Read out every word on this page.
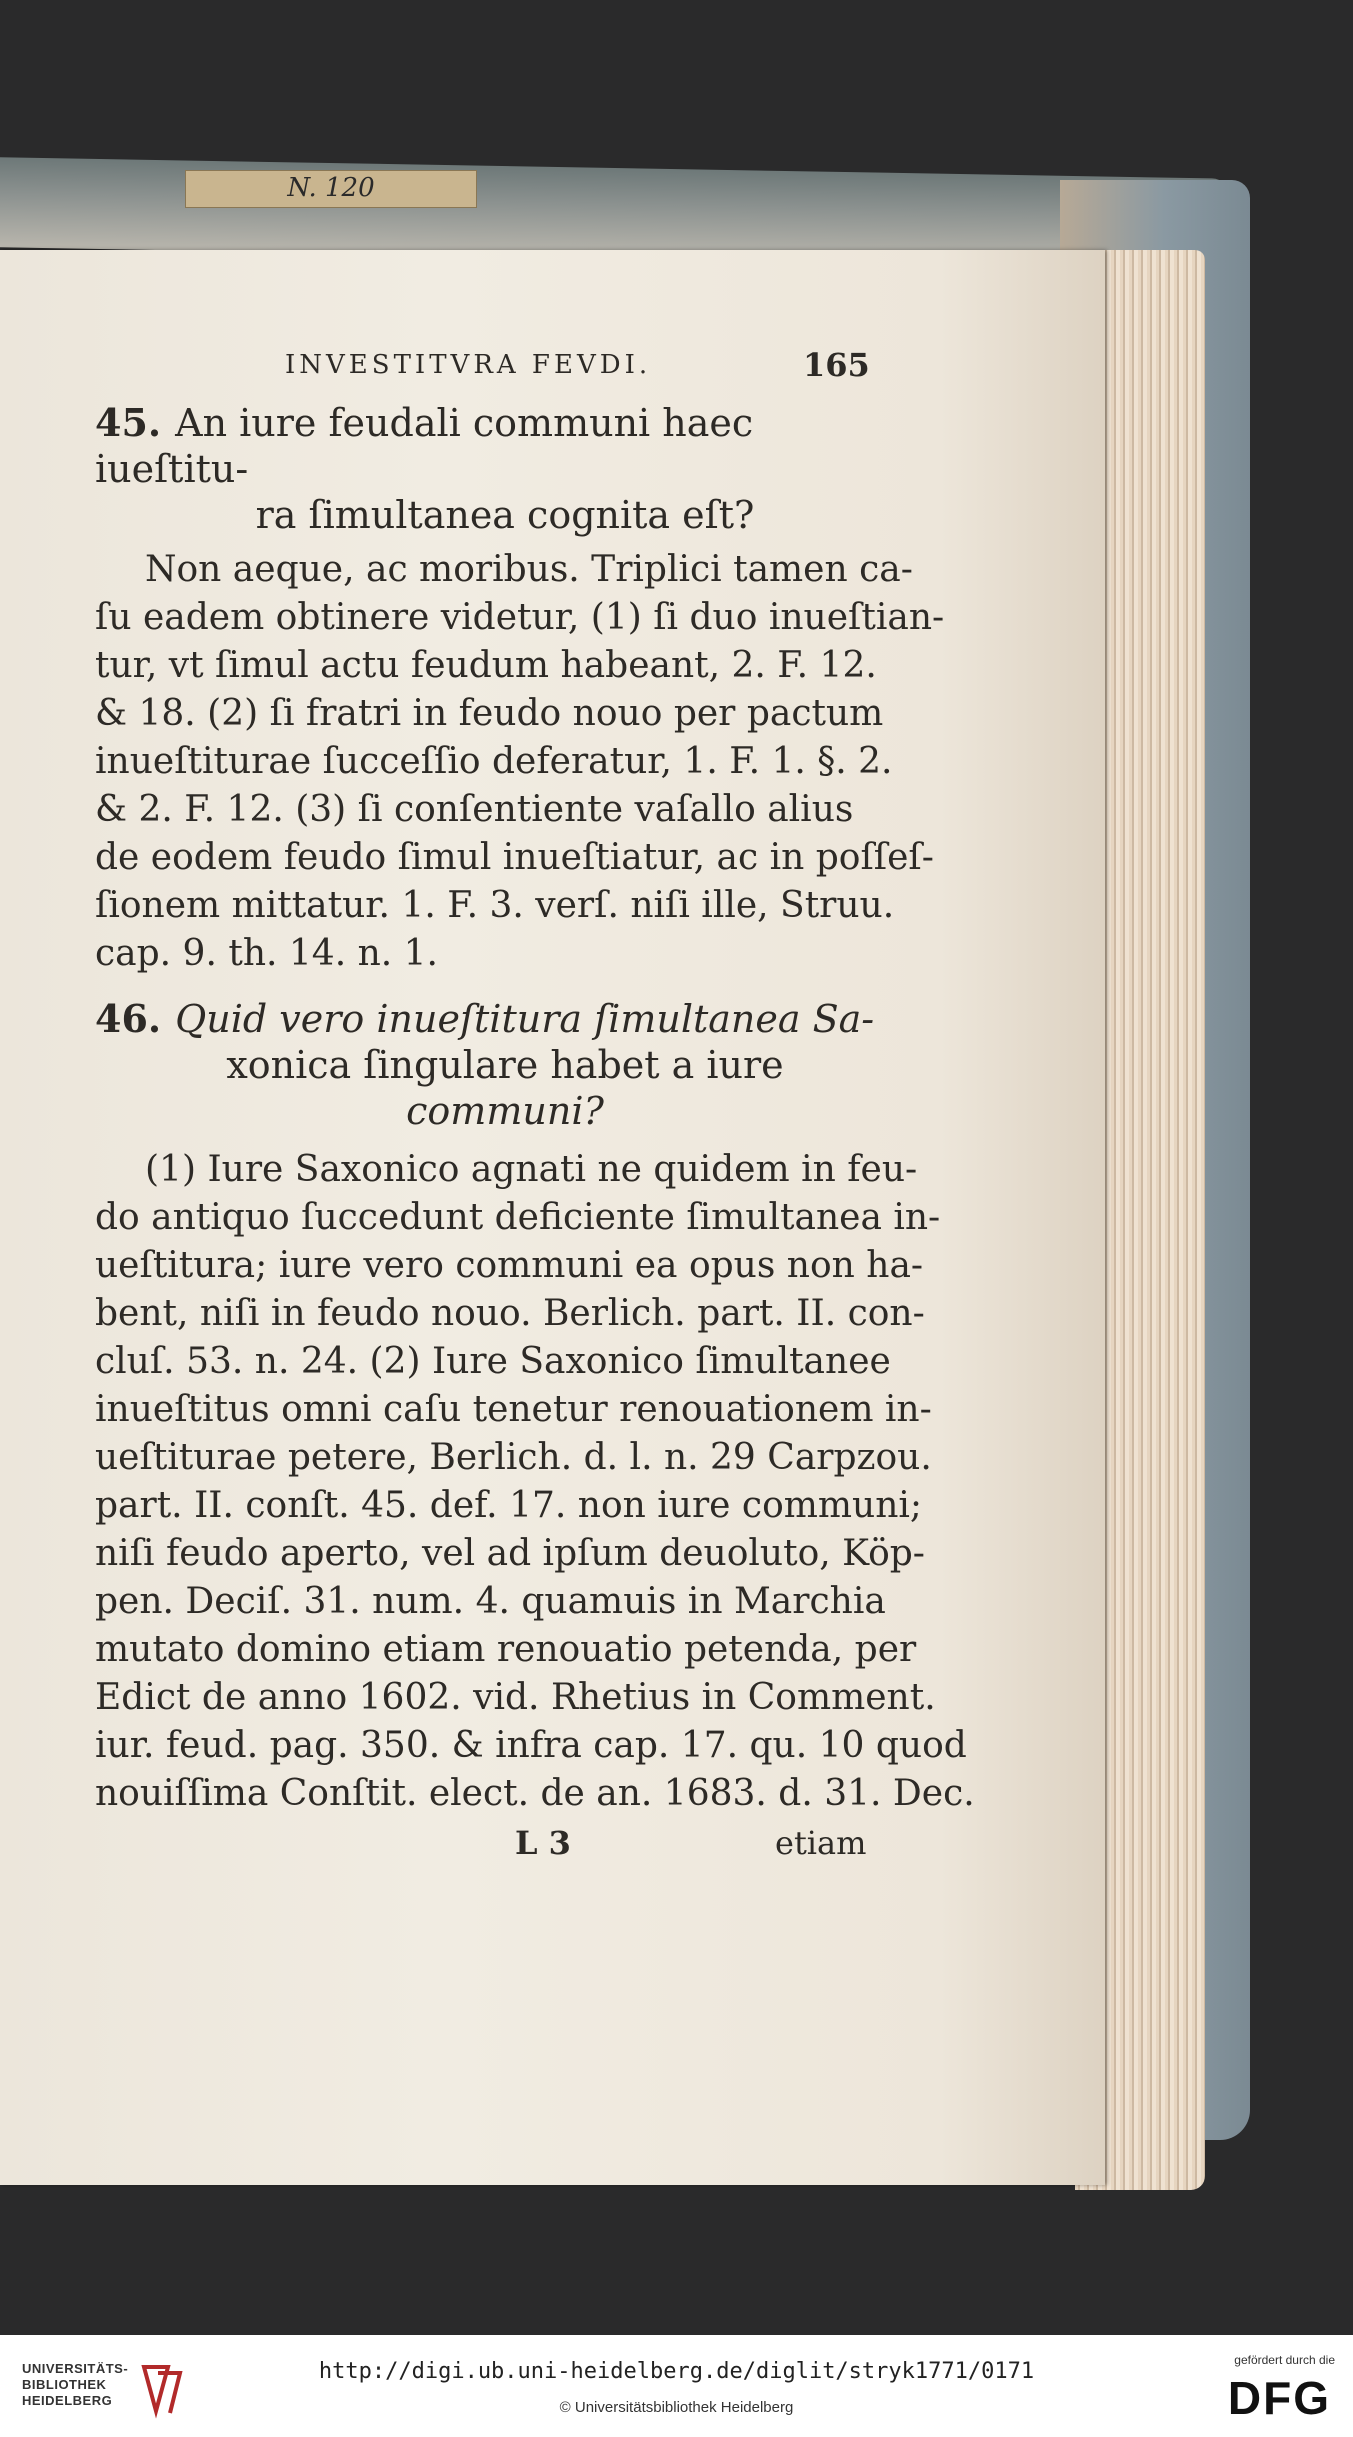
N. 120
INVESTITVRA FEVDI.	165
45. An iure feudali communi haec iueſtitu-
ra ſimultanea cognita eſt?

Non aeque, ac moribus. Triplici tamen ca-
ſu eadem obtinere videtur, (1) ſi duo inueſtian-
tur, vt ſimul actu feudum habeant, 2. F. 12.
& 18. (2) ſi fratri in feudo nouo per pactum
inueſtiturae ſucceſſio deferatur, 1. F. 1. §. 2.
& 2. F. 12. (3) ſi conſentiente vaſallo alius
de eodem feudo ſimul inueſtiatur, ac in poſſeſ-
ſionem mittatur. 1. F. 3. verſ. niſi ille, Struu.
cap. 9. th. 14. n. 1.

46. Quid vero inueſtitura ſimultanea Sa-
xonica ſingulare habet a iure
communi?

(1) Iure Saxonico agnati ne quidem in feu-
do antiquo ſuccedunt deficiente ſimultanea in-
ueſtitura; iure vero communi ea opus non ha-
bent, niſi in feudo nouo. Berlich. part. II. con-
cluſ. 53. n. 24. (2) Iure Saxonico ſimultanee
inueſtitus omni caſu tenetur renouationem in-
ueſtiturae petere, Berlich. d. l. n. 29 Carpzou.
part. II. conſt. 45. def. 17. non iure communi;
niſi feudo aperto, vel ad ipſum deuoluto, Köp-
pen. Deciſ. 31. num. 4. quamuis in Marchia
mutato domino etiam renouatio petenda, per
Edict de anno 1602. vid. Rhetius in Comment.
iur. feud. pag. 350. & infra cap. 17. qu. 10 quod
nouiſſima Conſtit. elect. de an. 1683. d. 31. Dec.

L 3	etiam
UNIVERSITÄTS-
BIBLIOTHEK
HEIDELBERG
http://digi.ub.uni-heidelberg.de/diglit/stryk1771/0171
© Universitätsbibliothek Heidelberg
gefördert durch die
DFG
